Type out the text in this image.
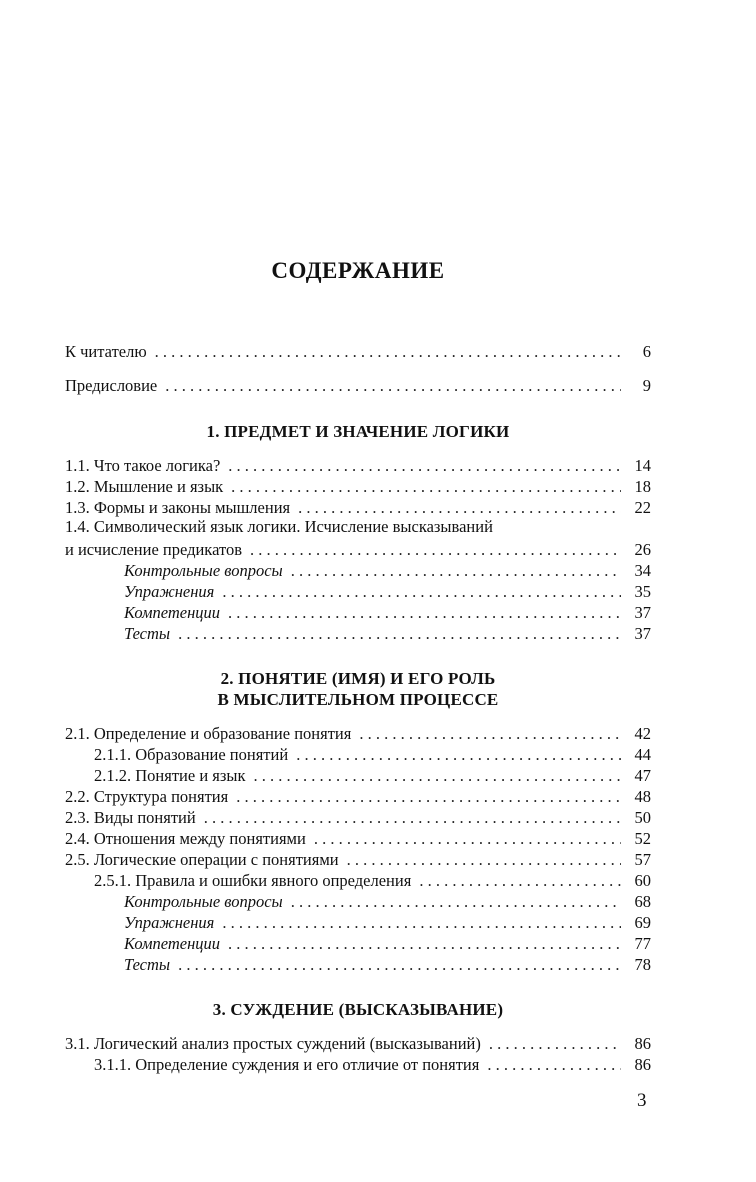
СОДЕРЖАНИЕ
К читателю . . .	6
Предисловие . . .	9
1. ПРЕДМЕТ И ЗНАЧЕНИЕ ЛОГИКИ
1.1. Что такое логика? . . .	14
1.2. Мышление и язык . . .	18
1.3. Формы и законы мышления . . .	22
1.4. Символический язык логики. Исчисление высказываний
и исчисление предикатов . . .	26
Контрольные вопросы . . .	34
Упражнения . . .	35
Компетенции . . .	37
Тесты . . .	37
2. ПОНЯТИЕ (ИМЯ) И ЕГО РОЛЬ
В МЫСЛИТЕЛЬНОМ ПРОЦЕССЕ
2.1. Определение и образование понятия . . .	42
2.1.1. Образование понятий . . .	44
2.1.2. Понятие и язык . . .	47
2.2. Структура понятия . . .	48
2.3. Виды понятий . . .	50
2.4. Отношения между понятиями . . .	52
2.5. Логические операции с понятиями . . .	57
2.5.1. Правила и ошибки явного определения . . .	60
Контрольные вопросы . . .	68
Упражнения . . .	69
Компетенции . . .	77
Тесты . . .	78
3. СУЖДЕНИЕ (ВЫСКАЗЫВАНИЕ)
3.1. Логический анализ простых суждений (высказываний) . . .	86
3.1.1. Определение суждения и его отличие от понятия . . .	86
3
